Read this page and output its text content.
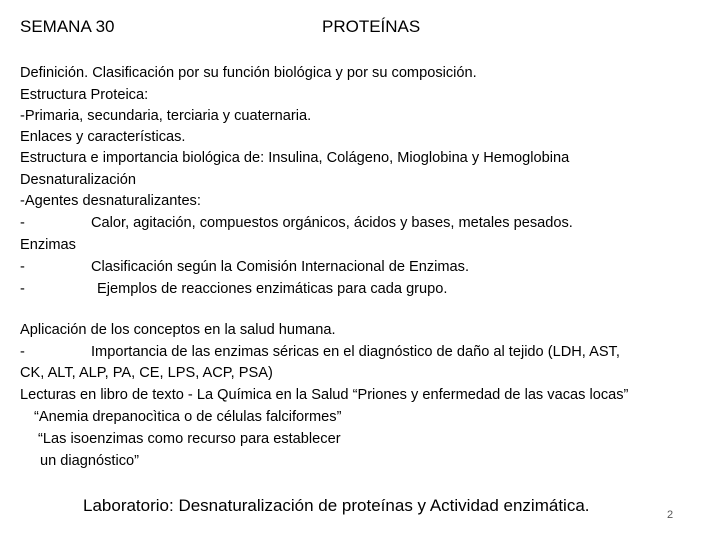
SEMANA 30	PROTEÍNAS
Definición. Clasificación por su función biológica y por su composición.
Estructura Proteica:
-Primaria, secundaria, terciaria y cuaternaria.
Enlaces y características.
Estructura e importancia biológica de: Insulina, Colágeno, Mioglobina y Hemoglobina
Desnaturalización
-Agentes desnaturalizantes:
-	Calor, agitación, compuestos orgánicos, ácidos y bases, metales pesados.
Enzimas
-	Clasificación según la Comisión Internacional de Enzimas.
-	Ejemplos de reacciones enzimáticas para cada grupo.
Aplicación de los conceptos en la salud humana.
-	Importancia de las enzimas séricas en el diagnóstico de daño al tejido (LDH, AST,
CK, ALT, ALP, PA, CE, LPS, ACP, PSA)
Lecturas en libro de texto - La Química en la Salud “Priones y enfermedad de las vacas locas”
“Anemia drepanocìtica o de células falciformes”
“Las isoenzimas como recurso para establecer
un diagnóstico”
Laboratorio: Desnaturalización de proteínas y Actividad enzimática.	2
